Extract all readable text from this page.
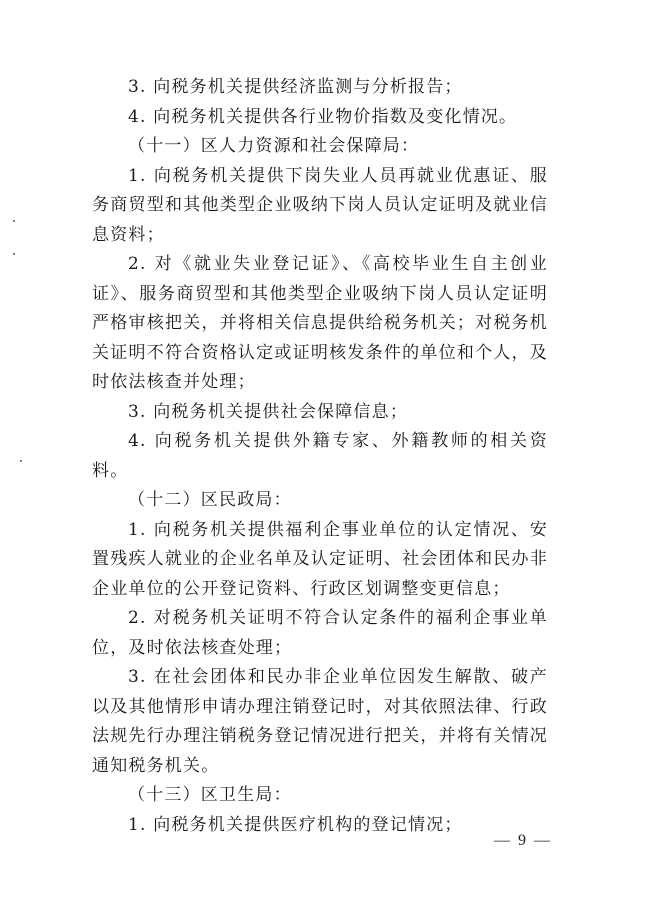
3. 向税务机关提供经济监测与分析报告；

4. 向税务机关提供各行业物价指数及变化情况。

（十一）区人力资源和社会保障局：

1. 向税务机关提供下岗失业人员再就业优惠证、服务商贸型和其他类型企业吸纳下岗人员认定证明及就业信息资料；

2. 对《就业失业登记证》、《高校毕业生自主创业证》、服务商贸型和其他类型企业吸纳下岗人员认定证明严格审核把关，并将相关信息提供给税务机关；对税务机关证明不符合资格认定或证明核发条件的单位和个人，及时依法核查并处理；

3. 向税务机关提供社会保障信息；

4. 向税务机关提供外籍专家、外籍教师的相关资料。

（十二）区民政局：

1. 向税务机关提供福利企事业单位的认定情况、安置残疾人就业的企业名单及认定证明、社会团体和民办非企业单位的公开登记资料、行政区划调整变更信息；

2. 对税务机关证明不符合认定条件的福利企事业单位，及时依法核查处理；

3. 在社会团体和民办非企业单位因发生解散、破产以及其他情形申请办理注销登记时，对其依照法律、行政法规先行办理注销税务登记情况进行把关，并将有关情况通知税务机关。

（十三）区卫生局：

1. 向税务机关提供医疗机构的登记情况；

— 9 —
